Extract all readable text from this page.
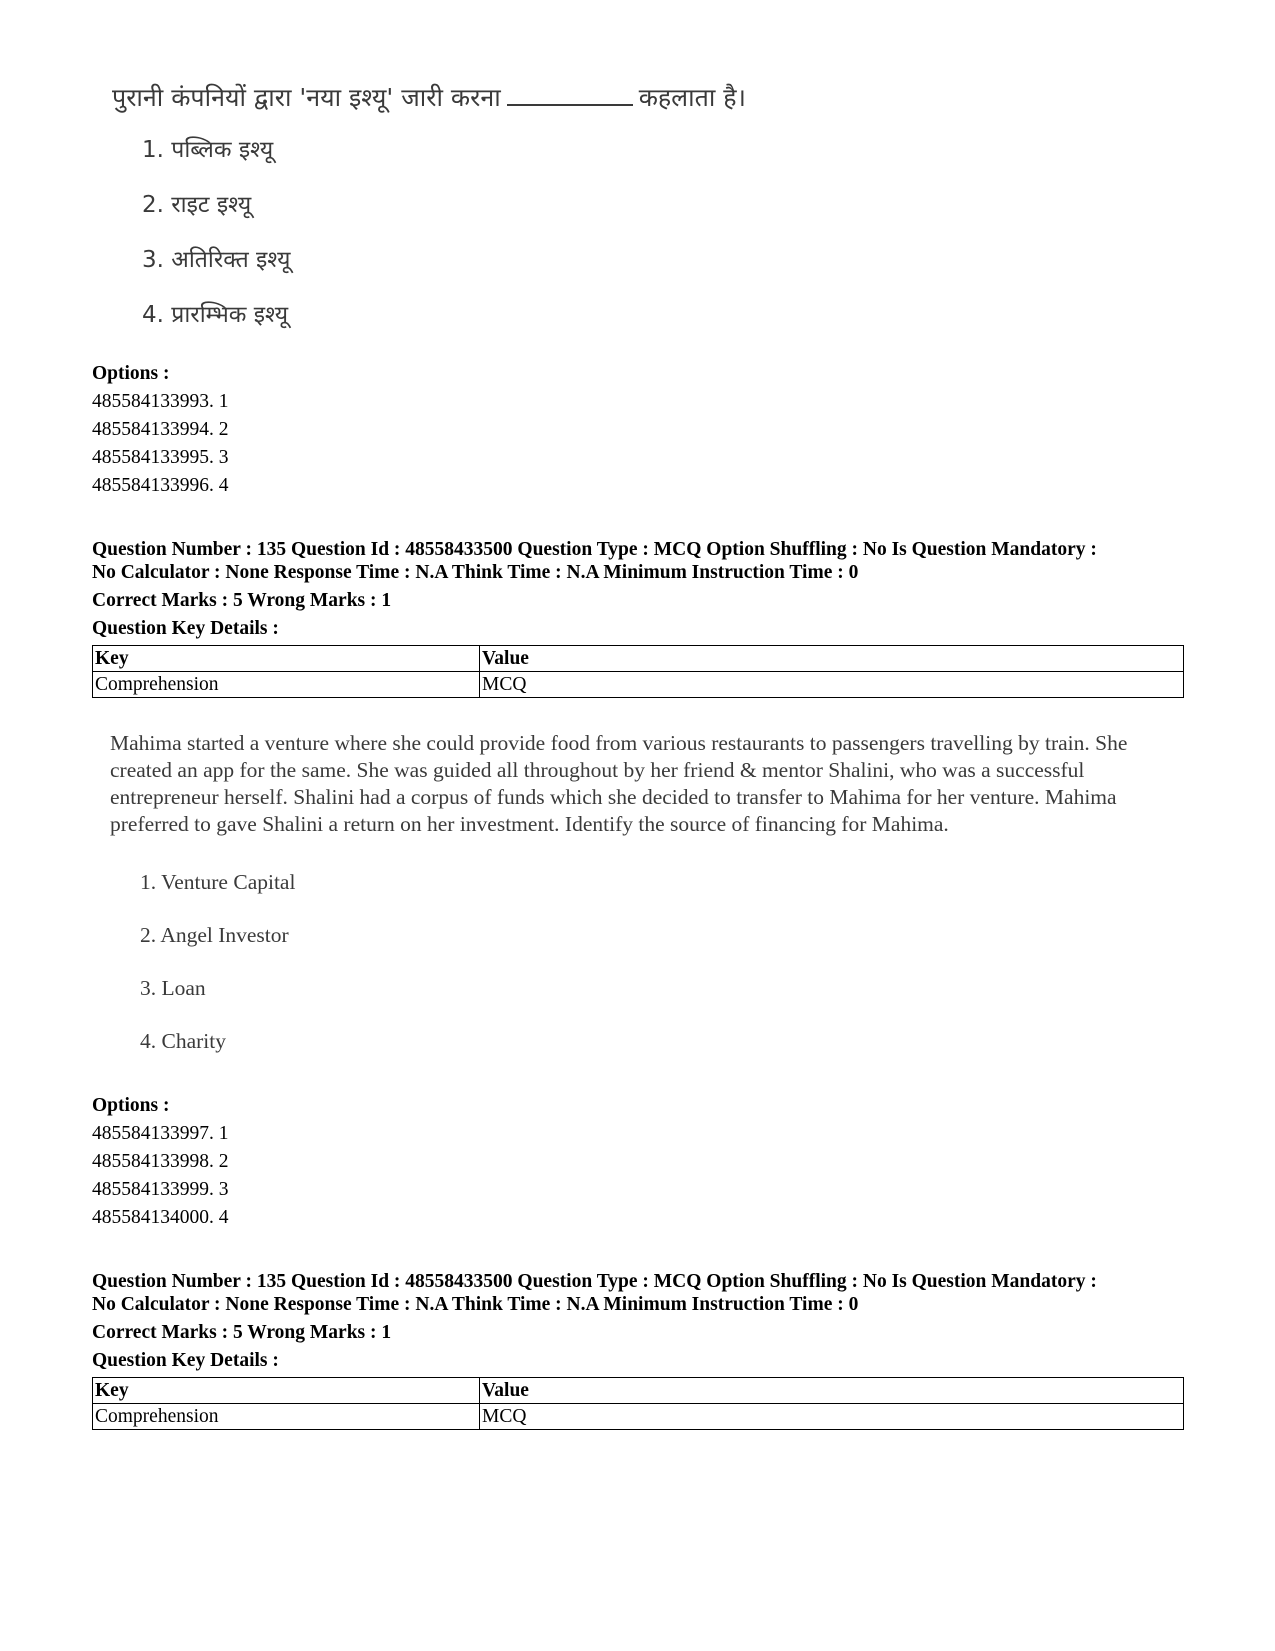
पुरानी कंपनियों द्वारा 'नया इश्यू' जारी करना	कहलाता है।
1. पब्लिक इश्यू
2. राइट इश्यू
3. अतिरिक्त इश्यू
4. प्रारम्भिक इश्यू
Options :
485584133993. 1
485584133994. 2
485584133995. 3
485584133996. 4
Question Number : 135 Question Id : 48558433500 Question Type : MCQ Option Shuffling : No Is Question Mandatory :
No Calculator : None Response Time : N.A Think Time : N.A Minimum Instruction Time : 0
Correct Marks : 5 Wrong Marks : 1
Question Key Details :
Key	Value
Comprehension	MCQ
Mahima started a venture where she could provide food from various restaurants to passengers travelling by train. She created an app for the same. She was guided all throughout by her friend & mentor Shalini, who was a successful entrepreneur herself. Shalini had a corpus of funds which she decided to transfer to Mahima for her venture. Mahima preferred to gave Shalini a return on her investment. Identify the source of financing for Mahima.
1. Venture Capital
2. Angel Investor
3. Loan
4. Charity
Options :
485584133997. 1
485584133998. 2
485584133999. 3
485584134000. 4
Question Number : 135 Question Id : 48558433500 Question Type : MCQ Option Shuffling : No Is Question Mandatory :
No Calculator : None Response Time : N.A Think Time : N.A Minimum Instruction Time : 0
Correct Marks : 5 Wrong Marks : 1
Question Key Details :
Key	Value
Comprehension	MCQ
